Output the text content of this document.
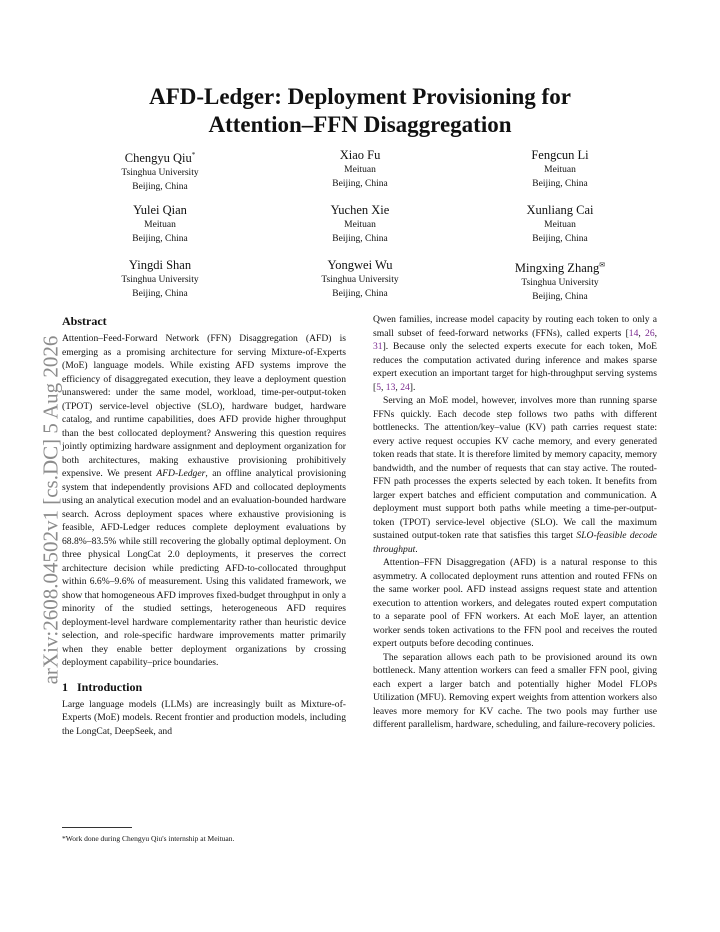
AFD-Ledger: Deployment Provisioning for
Attention–FFN Disaggregation
arXiv:2608.04502v1 [cs.DC] 5 Aug 2026
Chengyu Qiu*
Tsinghua University
Beijing, China
Xiao Fu
Meituan
Beijing, China
Fengcun Li
Meituan
Beijing, China
Yulei Qian
Meituan
Beijing, China
Yuchen Xie
Meituan
Beijing, China
Xunliang Cai
Meituan
Beijing, China
Yingdi Shan
Tsinghua University
Beijing, China
Yongwei Wu
Tsinghua University
Beijing, China
Mingxing Zhang✉
Tsinghua University
Beijing, China
Abstract

Attention–Feed-Forward Network (FFN) Disaggregation (AFD) is emerging as a promising architecture for serving Mixture-of-Experts (MoE) language models. While existing AFD systems improve the efficiency of disaggregated execution, they leave a deployment question unanswered: under the same model, workload, time-per-output-token (TPOT) service-level objective (SLO), hardware budget, hardware catalog, and runtime capabilities, does AFD provide higher throughput than the best collocated deployment? Answering this question requires jointly optimizing hardware assignment and deployment organization for both architectures, making exhaustive provisioning prohibitively expensive. We present AFD-Ledger, an offline analytical provisioning system that independently provisions AFD and collocated deployments using an analytical execution model and an evaluation-bounded hardware search. Across deployment spaces where exhaustive provisioning is feasible, AFD-Ledger reduces complete deployment evaluations by 68.8%–83.5% while still recovering the globally optimal deployment. On three physical LongCat 2.0 deployments, it preserves the correct architecture decision while predicting AFD-to-collocated throughput within 6.6%–9.6% of measurement. Using this validated framework, we show that homogeneous AFD improves fixed-budget throughput in only a minority of the studied settings, heterogeneous AFD requires deployment-level hardware complementarity rather than heuristic device selection, and role-specific hardware improvements matter primarily when they enable better deployment organizations by crossing deployment capability–price boundaries.

1 Introduction

Large language models (LLMs) are increasingly built as Mixture-of-Experts (MoE) models. Recent frontier and production models, including the LongCat, DeepSeek, and

Qwen families, increase model capacity by routing each token to only a small subset of feed-forward networks (FFNs), called experts [14, 26, 31]. Because only the selected experts execute for each token, MoE reduces the computation activated during inference and makes sparse expert execution an important target for high-throughput serving systems [5, 13, 24].

Serving an MoE model, however, involves more than running sparse FFNs quickly. Each decode step follows two paths with different bottlenecks. The attention/key–value (KV) path carries request state: every active request occupies KV cache memory, and every generated token reads that state. It is therefore limited by memory capacity, memory bandwidth, and the number of requests that can stay active. The routed-FFN path processes the experts selected by each token. It benefits from larger expert batches and efficient computation and communication. A deployment must support both paths while meeting a time-per-output-token (TPOT) service-level objective (SLO). We call the maximum sustained output-token rate that satisfies this target SLO-feasible decode throughput.

Attention–FFN Disaggregation (AFD) is a natural response to this asymmetry. A collocated deployment runs attention and routed FFNs on the same worker pool. AFD instead assigns request state and attention execution to attention workers, and delegates routed expert computation to a separate pool of FFN workers. At each MoE layer, an attention worker sends token activations to the FFN pool and receives the routed expert outputs before decoding continues.

The separation allows each path to be provisioned around its own bottleneck. Many attention workers can feed a smaller FFN pool, giving each expert a larger batch and potentially higher Model FLOPs Utilization (MFU). Removing expert weights from attention workers also leaves more memory for KV cache. The two pools may further use different parallelism, hardware, scheduling, and failure-recovery policies.

*Work done during Chengyu Qiu's internship at Meituan.
